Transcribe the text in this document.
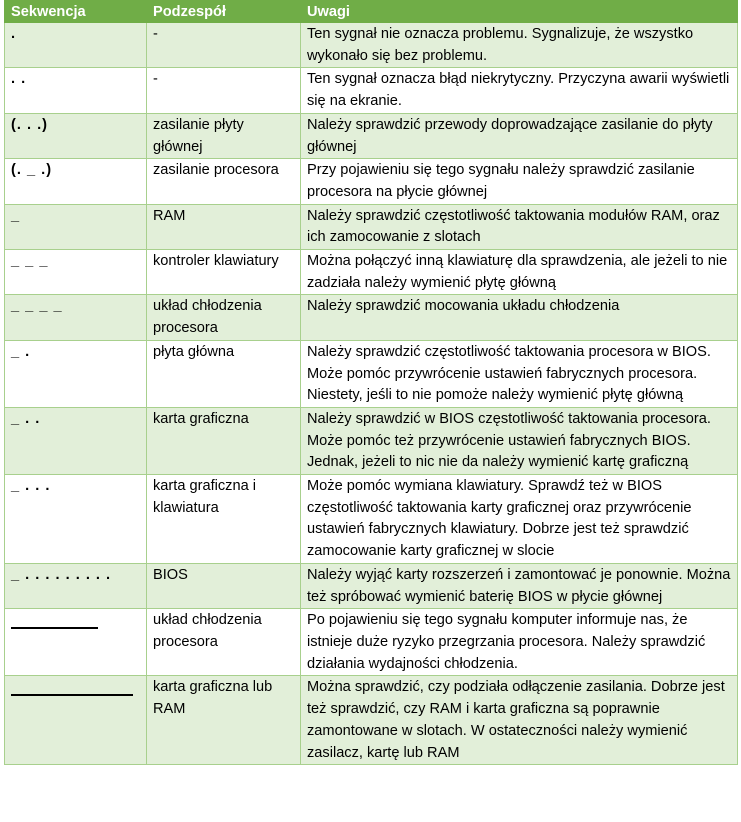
Sekwencja	Podzespół	Uwagi
.	-	Ten sygnał nie oznacza problemu. Sygnalizuje, że wszystko wykonało się bez problemu.
. .	-	Ten sygnał oznacza błąd niekrytyczny. Przyczyna awarii wyświetli się na ekranie.
(. . .)	zasilanie płyty głównej	Należy sprawdzić przewody doprowadzające zasilanie do płyty głównej
(. _ .)	zasilanie procesora	Przy pojawieniu się tego sygnału należy sprawdzić zasilanie procesora na płycie głównej
_	RAM	Należy sprawdzić częstotliwość taktowania modułów RAM, oraz ich zamocowanie z slotach
_ _ _	kontroler klawiatury	Można połączyć inną klawiaturę dla sprawdzenia, ale jeżeli to nie zadziała należy wymienić płytę główną
_ _ _ _	układ chłodzenia procesora	Należy sprawdzić mocowania układu chłodzenia
_ .	płyta główna	Należy sprawdzić częstotliwość taktowania procesora w BIOS. Może pomóc przywrócenie ustawień fabrycznych procesora. Niestety, jeśli to nie pomoże należy wymienić płytę główną
_ . .	karta graficzna	Należy sprawdzić w BIOS częstotliwość taktowania procesora. Może pomóc też przywrócenie ustawień fabrycznych BIOS. Jednak, jeżeli to nic nie da należy wymienić kartę graficzną
_ . . .	karta graficzna i klawiatura	Może pomóc wymiana klawiatury. Sprawdź też w BIOS częstotliwość taktowania karty graficznej oraz przywrócenie ustawień fabrycznych klawiatury. Dobrze jest też sprawdzić zamocowanie karty graficznej w slocie
_ . . . . . . . . .	BIOS	Należy wyjąć karty rozszerzeń i zamontować je ponownie. Można też spróbować wymienić baterię BIOS w płycie głównej

	układ chłodzenia procesora	Po pojawieniu się tego sygnału komputer informuje nas, że istnieje duże ryzyko przegrzania procesora. Należy sprawdzić działania wydajności chłodzenia.

	karta graficzna lub RAM	Można sprawdzić, czy podziała odłączenie zasilania. Dobrze jest też sprawdzić, czy RAM i karta graficzna są poprawnie zamontowane w slotach. W ostateczności należy wymienić zasilacz, kartę lub RAM
